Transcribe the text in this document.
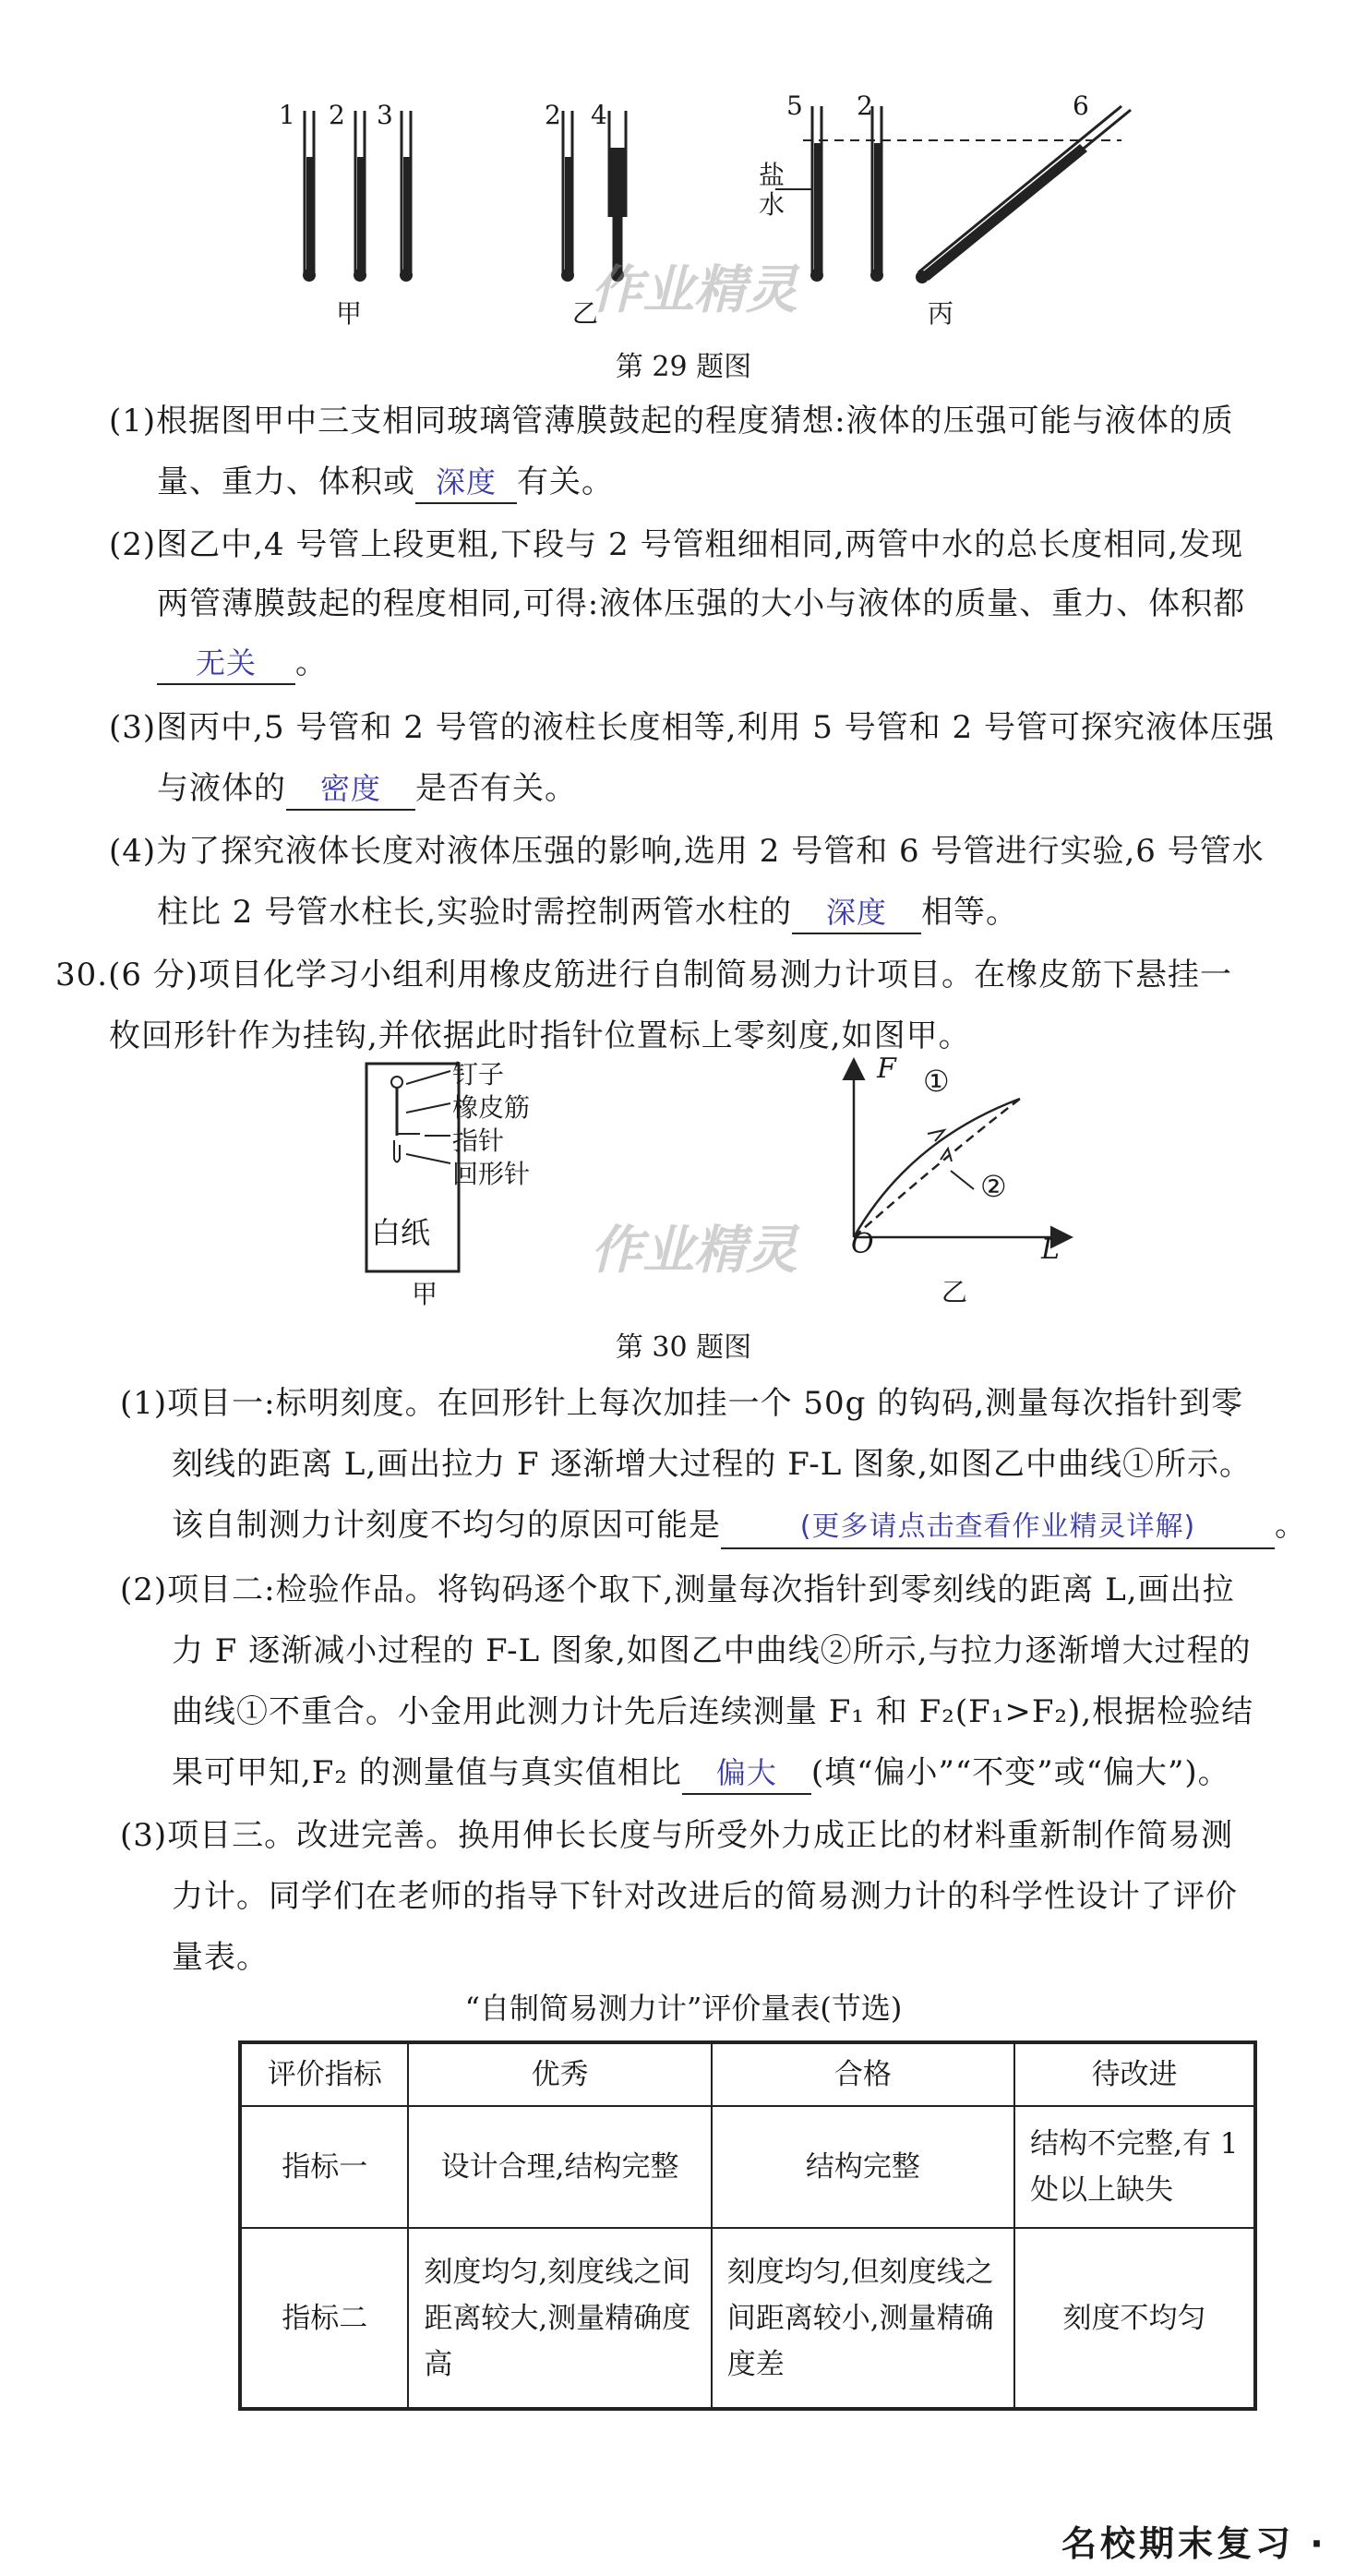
1 2 3	2 4	5 2	6
盐
水
甲	乙	丙
作业精灵
第 29 题图
(1)根据图甲中三支相同玻璃管薄膜鼓起的程度猜想:液体的压强可能与液体的质
量、重力、体积或 深度 有关。
(2)图乙中,4 号管上段更粗,下段与 2 号管粗细相同,两管中水的总长度相同,发现
两管薄膜鼓起的程度相同,可得:液体压强的大小与液体的质量、重力、体积都
无关 。
(3)图丙中,5 号管和 2 号管的液柱长度相等,利用 5 号管和 2 号管可探究液体压强
与液体的 密度 是否有关。
(4)为了探究液体长度对液体压强的影响,选用 2 号管和 6 号管进行实验,6 号管水
柱比 2 号管水柱长,实验时需控制两管水柱的 深度 相等。
30.(6 分)项目化学习小组利用橡皮筋进行自制简易测力计项目。在橡皮筋下悬挂一
枚回形针作为挂钩,并依据此时指针位置标上零刻度,如图甲。
钉子
橡皮筋
指针
回形针
白纸
甲
F
L
O
①
②
乙
作业精灵
第 30 题图
(1)项目一:标明刻度。在回形针上每次加挂一个 50g 的钩码,测量每次指针到零
刻线的距离 L,画出拉力 F 逐渐增大过程的 F-L 图象,如图乙中曲线①所示。
该自制测力计刻度不均匀的原因可能是	(更多请点击查看作业精灵详解)	。
(2)项目二:检验作品。将钩码逐个取下,测量每次指针到零刻线的距离 L,画出拉
力 F 逐渐减小过程的 F-L 图象,如图乙中曲线②所示,与拉力逐渐增大过程的
曲线①不重合。小金用此测力计先后连续测量 F₁ 和 F₂(F₁>F₂),根据检验结
果可甲知,F₂ 的测量值与真实值相比 偏大 (填“偏小”“不变”或“偏大”)。
(3)项目三。改进完善。换用伸长长度与所受外力成正比的材料重新制作简易测
力计。同学们在老师的指导下针对改进后的简易测力计的科学性设计了评价
量表。
“自制简易测力计”评价量表(节选)
评价指标	优秀	合格	待改进
指标一	设计合理,结构完整	结构完整	结构不完整,有 1处以上缺失
指标二	刻度均匀,刻度线之间距离较大,测量精确度高	刻度均匀,但刻度线之间距离较小,测量精确度差	刻度不均匀
名校期末复习 ·
